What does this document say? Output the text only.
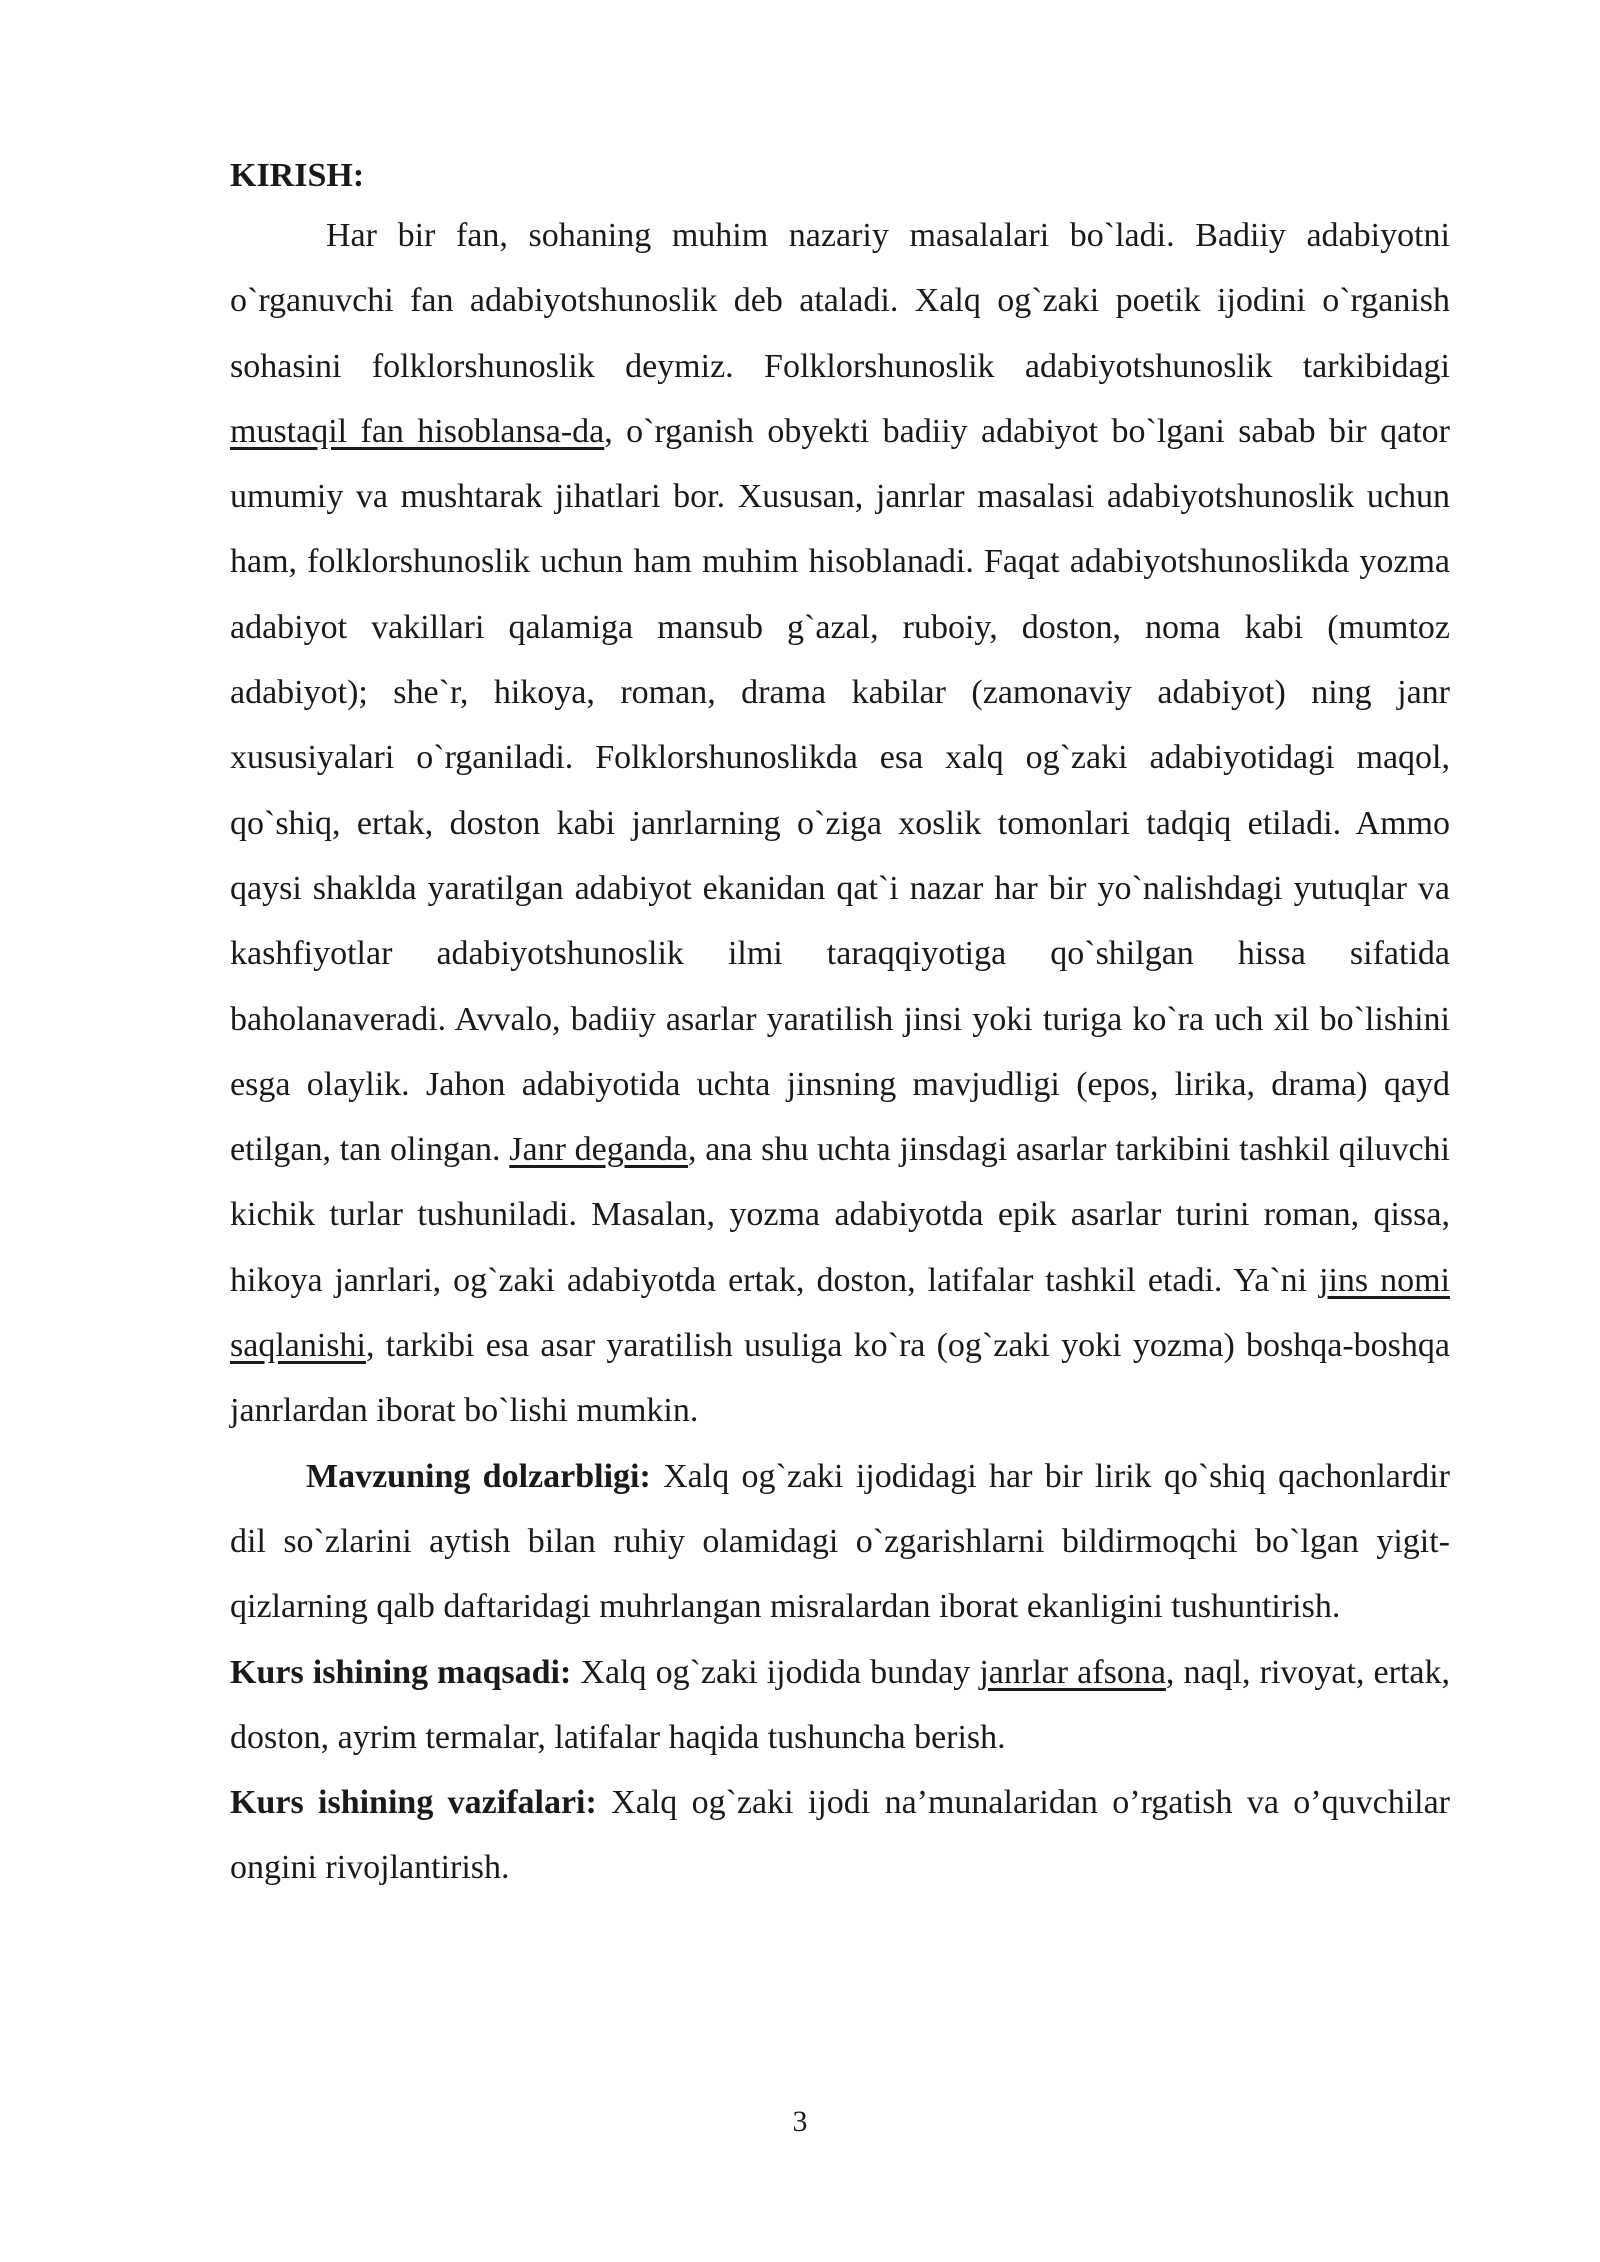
KIRISH:

Har bir fan, sohaning muhim nazariy masalalari bo`ladi. Badiiy adabiyotni o`rganuvchi fan adabiyotshunoslik deb ataladi. Xalq og`zaki poetik ijodini o`rganish sohasini folklorshunoslik deymiz. Folklorshunoslik adabiyotshunoslik tarkibidagi mustaqil fan hisoblansa-da, o`rganish obyekti badiiy adabiyot bo`lgani sabab bir qator umumiy va mushtarak jihatlari bor. Xususan, janrlar masalasi adabiyotshunoslik uchun ham, folklorshunoslik uchun ham muhim hisoblanadi. Faqat adabiyotshunoslikda yozma adabiyot vakillari qalamiga mansub g`azal, ruboiy, doston, noma kabi (mumtoz adabiyot); she`r, hikoya, roman, drama kabilar (zamonaviy adabiyot) ning janr xususiyalari o`rganiladi. Folklorshunoslikda esa xalq og`zaki adabiyotidagi maqol, qo`shiq, ertak, doston kabi janrlarning o`ziga xoslik tomonlari tadqiq etiladi. Ammo qaysi shaklda yaratilgan adabiyot ekanidan qat`i nazar har bir yo`nalishdagi yutuqlar va kashfiyotlar adabiyotshunoslik ilmi taraqqiyotiga qo`shilgan hissa sifatida baholanaveradi. Avvalo, badiiy asarlar yaratilish jinsi yoki turiga ko`ra uch xil bo`lishini esga olaylik. Jahon adabiyotida uchta jinsning mavjudligi (epos, lirika, drama) qayd etilgan, tan olingan. Janr deganda, ana shu uchta jinsdagi asarlar tarkibini tashkil qiluvchi kichik turlar tushuniladi. Masalan, yozma adabiyotda epik asarlar turini roman, qissa, hikoya janrlari, og`zaki adabiyotda ertak, doston, latifalar tashkil etadi. Ya`ni jins nomi saqlanishi, tarkibi esa asar yaratilish usuliga ko`ra (og`zaki yoki yozma) boshqa-boshqa janrlardan iborat bo`lishi mumkin.

Mavzuning dolzarbligi: Xalq og`zaki ijodidagi har bir lirik qo`shiq qachonlardir dil so`zlarini aytish bilan ruhiy olamidagi o`zgarishlarni bildirmoqchi bo`lgan yigit-qizlarning qalb daftaridagi muhrlangan misralardan iborat ekanligini tushuntirish.

Kurs ishining maqsadi: Xalq og`zaki ijodida bunday janrlar afsona, naql, rivoyat, ertak, doston, ayrim termalar, latifalar haqida tushuncha berish.

Kurs ishining vazifalari: Xalq og`zaki ijodi na’munalaridan o’rgatish va o’quvchilar ongini rivojlantirish.

3
